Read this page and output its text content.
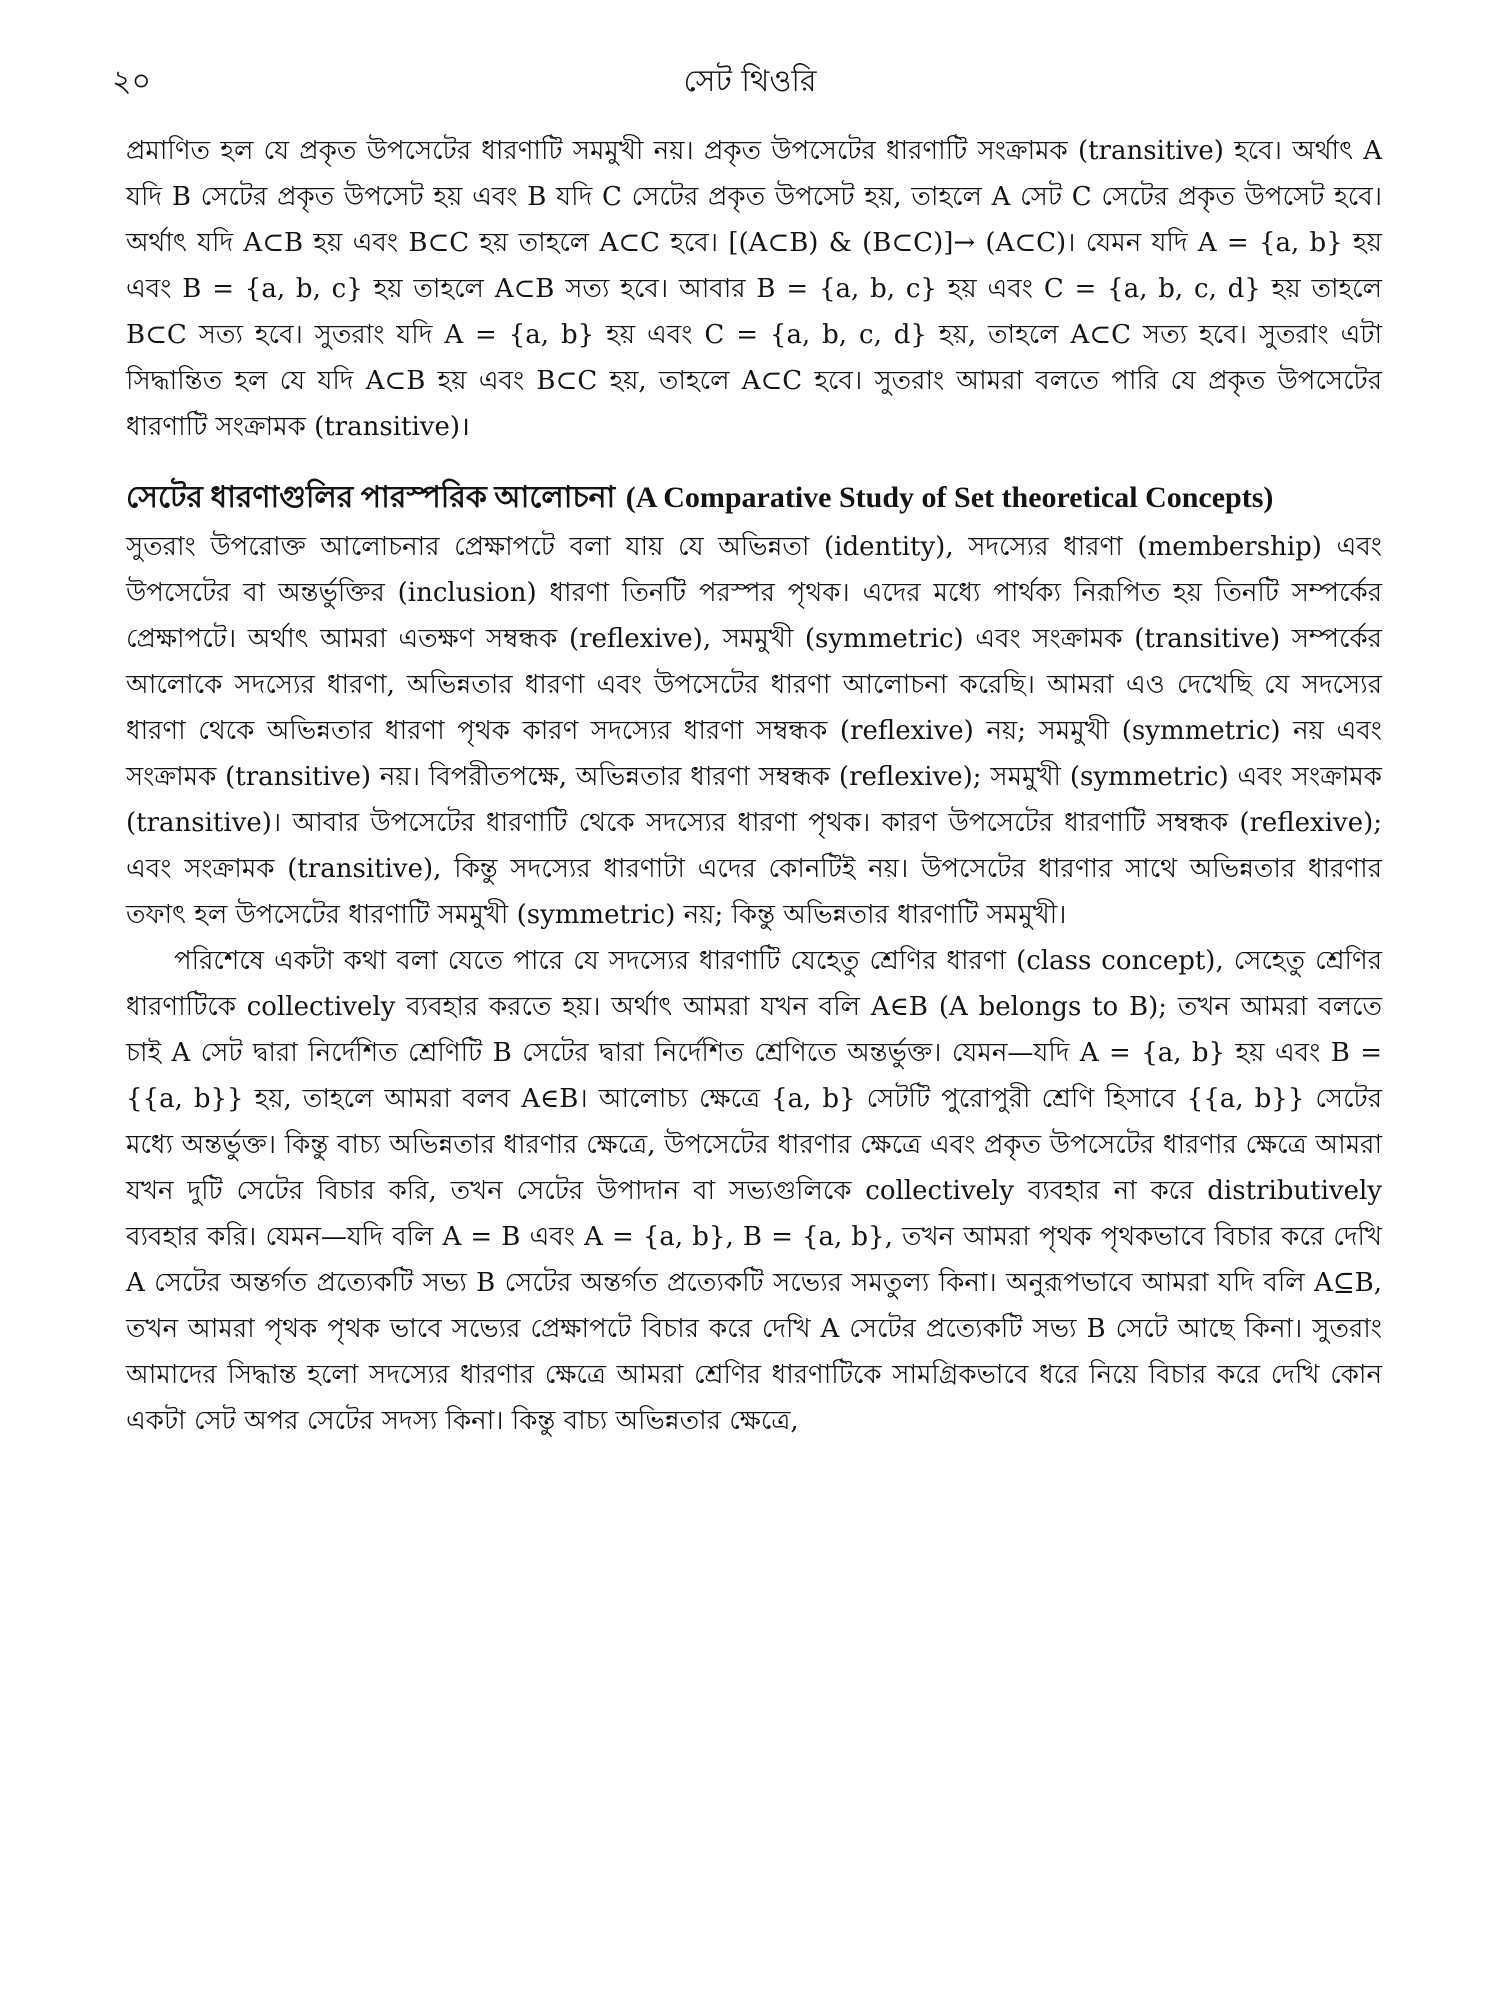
২০	সেট থিওরি

প্রমাণিত হল যে প্রকৃত উপসেটের ধারণাটি সমমুখী নয়। প্রকৃত উপসেটের ধারণাটি সংক্রামক (transitive) হবে। অর্থাৎ A যদি B সেটের প্রকৃত উপসেট হয় এবং B যদি C সেটের প্রকৃত উপসেট হয়, তাহলে A সেট C সেটের প্রকৃত উপসেট হবে। অর্থাৎ যদি A⊂B হয় এবং B⊂C হয় তাহলে A⊂C হবে। [(A⊂B) & (B⊂C)]→ (A⊂C)। যেমন যদি A = {a, b} হয় এবং B = {a, b, c} হয় তাহলে A⊂B সত্য হবে। আবার B = {a, b, c} হয় এবং C = {a, b, c, d} হয় তাহলে B⊂C সত্য হবে। সুতরাং যদি A = {a, b} হয় এবং C = {a, b, c, d} হয়, তাহলে A⊂C সত্য হবে। সুতরাং এটা সিদ্ধান্তিত হল যে যদি A⊂B হয় এবং B⊂C হয়, তাহলে A⊂C হবে। সুতরাং আমরা বলতে পারি যে প্রকৃত উপসেটের ধারণাটি সংক্রামক (transitive)।

সেটের ধারণাগুলির পারস্পরিক আলোচনা (A Comparative Study of Set theoretical Concepts)

সুতরাং উপরোক্ত আলোচনার প্রেক্ষাপটে বলা যায় যে অভিন্নতা (identity), সদস্যের ধারণা (membership) এবং উপসেটের বা অন্তর্ভুক্তির (inclusion) ধারণা তিনটি পরস্পর পৃথক। এদের মধ্যে পার্থক্য নিরূপিত হয় তিনটি সম্পর্কের প্রেক্ষাপটে। অর্থাৎ আমরা এতক্ষণ সম্বন্ধক (reflexive), সমমুখী (symmetric) এবং সংক্রামক (transitive) সম্পর্কের আলোকে সদস্যের ধারণা, অভিন্নতার ধারণা এবং উপসেটের ধারণা আলোচনা করেছি। আমরা এও দেখেছি যে সদস্যের ধারণা থেকে অভিন্নতার ধারণা পৃথক কারণ সদস্যের ধারণা সম্বন্ধক (reflexive) নয়; সমমুখী (symmetric) নয় এবং সংক্রামক (transitive) নয়। বিপরীতপক্ষে, অভিন্নতার ধারণা সম্বন্ধক (reflexive); সমমুখী (symmetric) এবং সংক্রামক (transitive)। আবার উপসেটের ধারণাটি থেকে সদস্যের ধারণা পৃথক। কারণ উপসেটের ধারণাটি সম্বন্ধক (reflexive); এবং সংক্রামক (transitive), কিন্তু সদস্যের ধারণাটা এদের কোনটিই নয়। উপসেটের ধারণার সাথে অভিন্নতার ধারণার তফাৎ হল উপসেটের ধারণাটি সমমুখী (symmetric) নয়; কিন্তু অভিন্নতার ধারণাটি সমমুখী।

পরিশেষে একটা কথা বলা যেতে পারে যে সদস্যের ধারণাটি যেহেতু শ্রেণির ধারণা (class concept), সেহেতু শ্রেণির ধারণাটিকে collectively ব্যবহার করতে হয়। অর্থাৎ আমরা যখন বলি A∈B (A belongs to B); তখন আমরা বলতে চাই A সেট দ্বারা নির্দেশিত শ্রেণিটি B সেটের দ্বারা নির্দেশিত শ্রেণিতে অন্তর্ভুক্ত। যেমন—যদি A = {a, b} হয় এবং B = {{a, b}} হয়, তাহলে আমরা বলব A∈B। আলোচ্য ক্ষেত্রে {a, b} সেটটি পুরোপুরী শ্রেণি হিসাবে {{a, b}} সেটের মধ্যে অন্তর্ভুক্ত। কিন্তু বাচ্য অভিন্নতার ধারণার ক্ষেত্রে, উপসেটের ধারণার ক্ষেত্রে এবং প্রকৃত উপসেটের ধারণার ক্ষেত্রে আমরা যখন দুটি সেটের বিচার করি, তখন সেটের উপাদান বা সভ্যগুলিকে collectively ব্যবহার না করে distributively ব্যবহার করি। যেমন—যদি বলি A = B এবং A = {a, b}, B = {a, b}, তখন আমরা পৃথক পৃথকভাবে বিচার করে দেখি A সেটের অন্তর্গত প্রত্যেকটি সভ্য B সেটের অন্তর্গত প্রত্যেকটি সভ্যের সমতুল্য কিনা। অনুরূপভাবে আমরা যদি বলি A⊆B, তখন আমরা পৃথক পৃথক ভাবে সভ্যের প্রেক্ষাপটে বিচার করে দেখি A সেটের প্রত্যেকটি সভ্য B সেটে আছে কিনা। সুতরাং আমাদের সিদ্ধান্ত হলো সদস্যের ধারণার ক্ষেত্রে আমরা শ্রেণির ধারণাটিকে সামগ্রিকভাবে ধরে নিয়ে বিচার করে দেখি কোন একটা সেট অপর সেটের সদস্য কিনা। কিন্তু বাচ্য অভিন্নতার ক্ষেত্রে,
